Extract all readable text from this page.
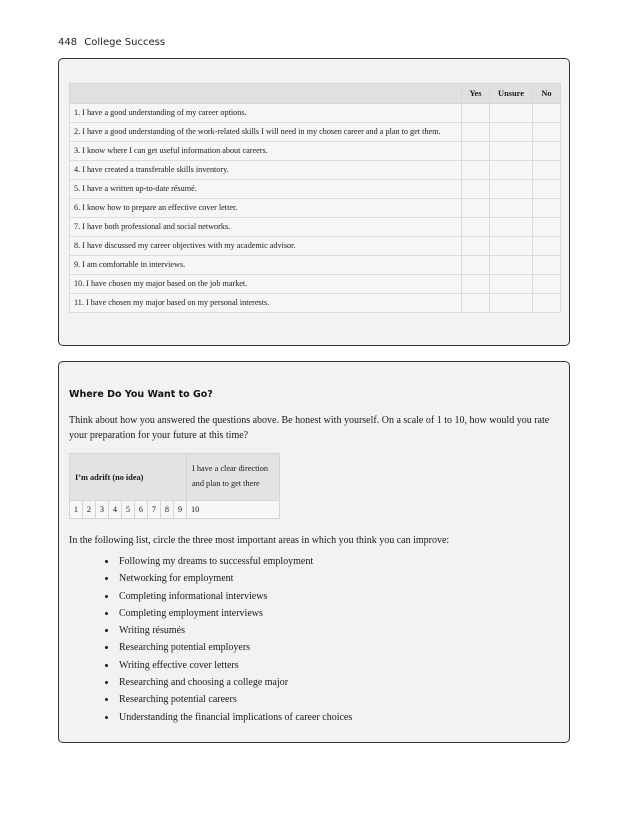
448 College Success
	Yes	Unsure	No
1. I have a good understanding of my career options.			
2. I have a good understanding of the work-related skills I will need in my chosen career and a plan to get them.			
3. I know where I can get useful information about careers.			
4. I have created a transferable skills inventory.			
5. I have a written up-to-date résumé.			
6. I know how to prepare an effective cover letter.			
7. I have both professional and social networks.			
8. I have discussed my career objectives with my academic advisor.			
9. I am comfortable in interviews.			
10. I have chosen my major based on the job market.			
11. I have chosen my major based on my personal interests.			
Where Do You Want to Go?
Think about how you answered the questions above. Be honest with yourself. On a scale of 1 to 10, how would you rate your preparation for your future at this time?
I’m adrift (no idea)									I have a clear direction and plan to get there
1	2	3	4	5	6	7	8	9	10
In the following list, circle the three most important areas in which you think you can improve:
• Following my dreams to successful employment
• Networking for employment
• Completing informational interviews
• Completing employment interviews
• Writing résumés
• Researching potential employers
• Writing effective cover letters
• Researching and choosing a college major
• Researching potential careers
• Understanding the financial implications of career choices
